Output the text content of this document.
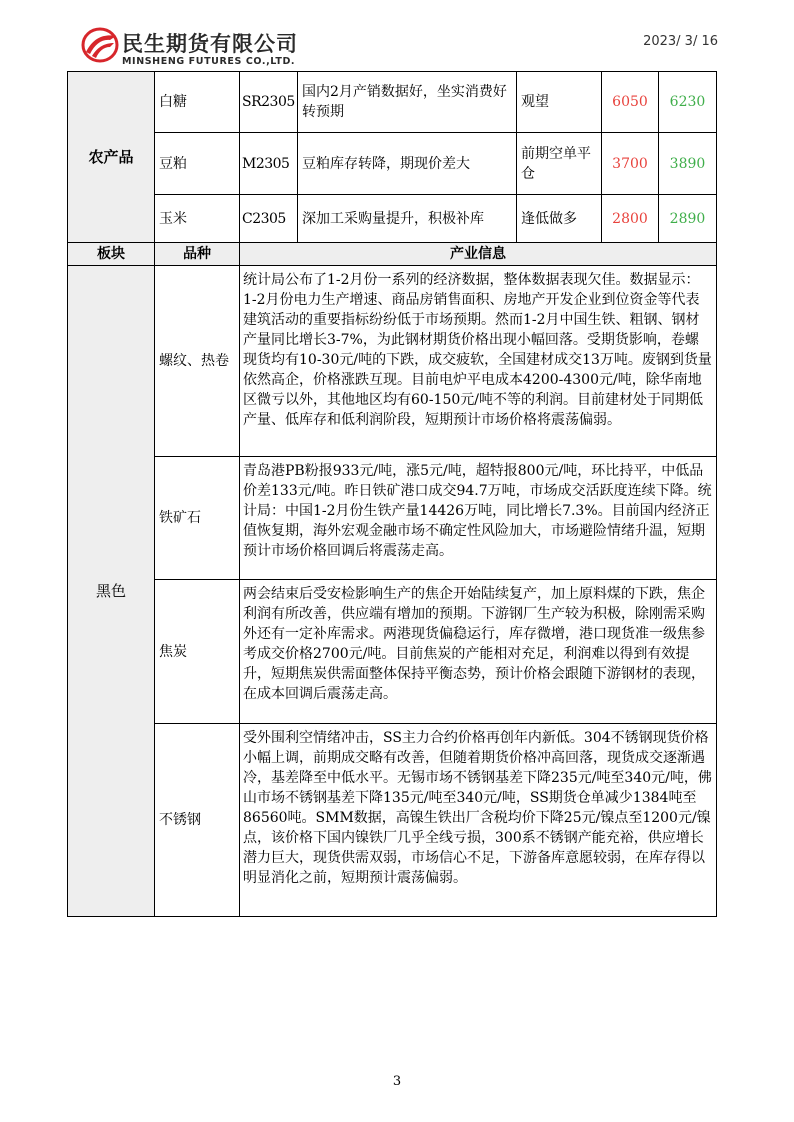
民生期货有限公司
MINSHENG FUTURES CO.,LTD.
2023/ 3/ 16
农产品	白糖	SR2305	国内2月产销数据好，坐实消费好转预期	观望	6050	6230
	豆粕	M2305	豆粕库存转降，期现价差大	前期空单平仓	3700	3890
	玉米	C2305	深加工采购量提升，积极补库	逢低做多	2800	2890
板块	品种	产业信息				
黑色	螺纹、热卷	统计局公布了1-2月份一系列的经济数据，整体数据表现欠佳。数据显示：1-2月份电力生产增速、商品房销售面积、房地产开发企业到位资金等代表建筑活动的重要指标纷纷低于市场预期。然而1-2月中国生铁、粗钢、钢材产量同比增长3-7%，为此钢材期货价格出现小幅回落。受期货影响，卷螺现货均有10-30元/吨的下跌，成交疲软，全国建材成交13万吨。废钢到货量依然高企，价格涨跌互现。目前电炉平电成本4200-4300元/吨，除华南地区微亏以外，其他地区均有60-150元/吨不等的利润。目前建材处于同期低产量、低库存和低利润阶段，短期预计市场价格将震荡偏弱。				
	铁矿石	青岛港PB粉报933元/吨，涨5元/吨，超特报800元/吨，环比持平，中低品价差133元/吨。昨日铁矿港口成交94.7万吨，市场成交活跃度连续下降。统计局：中国1-2月份生铁产量14426万吨，同比增长7.3%。目前国内经济正值恢复期，海外宏观金融市场不确定性风险加大，市场避险情绪升温，短期预计市场价格回调后将震荡走高。				
	焦炭	两会结束后受安检影响生产的焦企开始陆续复产，加上原料煤的下跌，焦企利润有所改善，供应端有增加的预期。下游钢厂生产较为积极，除刚需采购外还有一定补库需求。两港现货偏稳运行，库存微增，港口现货准一级焦参考成交价格2700元/吨。目前焦炭的产能相对充足，利润难以得到有效提升，短期焦炭供需面整体保持平衡态势，预计价格会跟随下游钢材的表现，在成本回调后震荡走高。				
	不锈钢	受外围利空情绪冲击，SS主力合约价格再创年内新低。304不锈钢现货价格小幅上调，前期成交略有改善，但随着期货价格冲高回落，现货成交逐渐遇冷，基差降至中低水平。无锡市场不锈钢基差下降235元/吨至340元/吨，佛山市场不锈钢基差下降135元/吨至340元/吨，SS期货仓单减少1384吨至86560吨。SMM数据，高镍生铁出厂含税均价下降25元/镍点至1200元/镍点，该价格下国内镍铁厂几乎全线亏损，300系不锈钢产能充裕，供应增长潜力巨大，现货供需双弱，市场信心不足，下游备库意愿较弱，在库存得以明显消化之前，短期预计震荡偏弱。				
3
